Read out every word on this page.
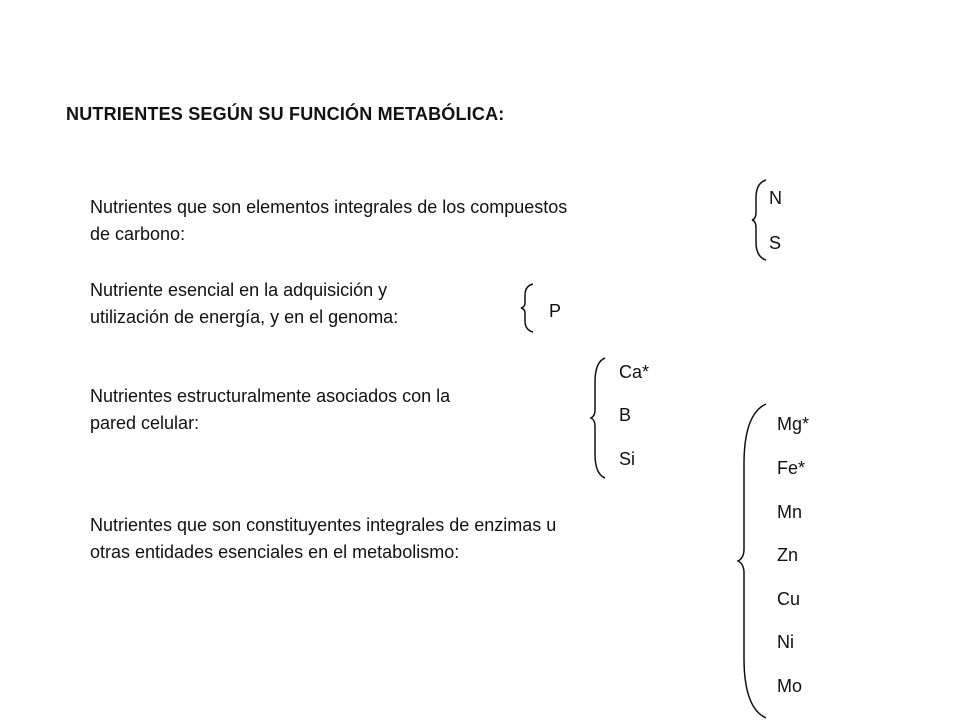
NUTRIENTES SEGÚN SU FUNCIÓN METABÓLICA:
Nutrientes que son elementos integrales de los compuestos
de carbono:
N
S
Nutriente esencial en la adquisición y
utilización de energía, y en el genoma:	P
Nutrientes estructuralmente asociados con la
pared celular:
Ca*
B
Si
Nutrientes que son constituyentes integrales de enzimas u
otras entidades esenciales en el metabolismo:
Mg*
Fe*
Mn
Zn
Cu
Ni
Mo
